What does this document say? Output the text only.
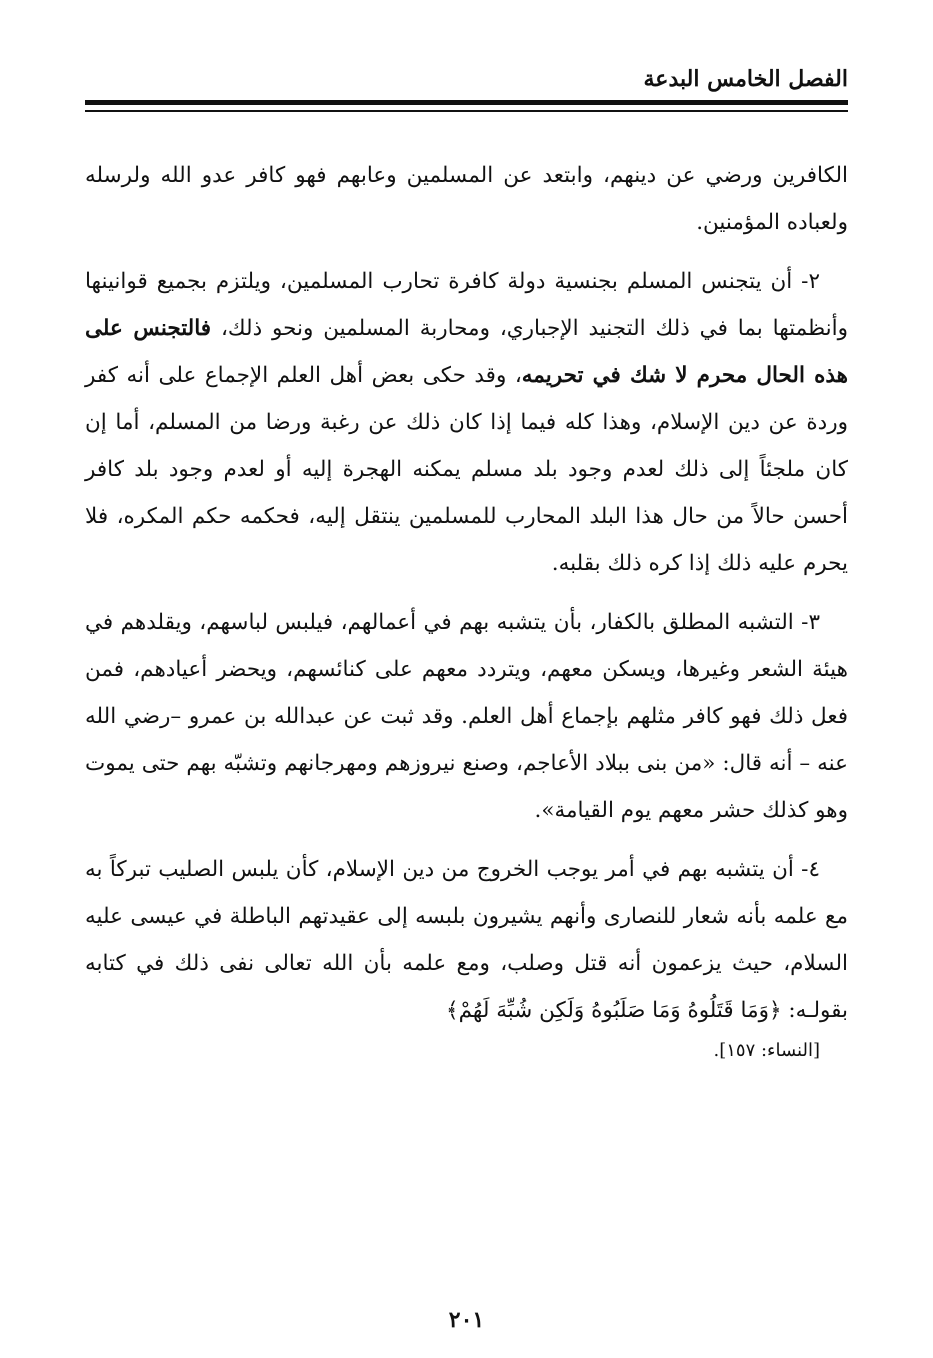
الفصل الخامس البدعة

الكافرين ورضي عن دينهم، وابتعد عن المسلمين وعابهم فهو كافر عدو الله ولرسله ولعباده المؤمنين.

٢- أن يتجنس المسلم بجنسية دولة كافرة تحارب المسلمين، ويلتزم بجميع قوانينها وأنظمتها بما في ذلك التجنيد الإجباري، ومحاربة المسلمين ونحو ذلك، فالتجنس على هذه الحال محرم لا شك في تحريمه، وقد حكى بعض أهل العلم الإجماع على أنه كفر وردة عن دين الإسلام، وهذا كله فيما إذا كان ذلك عن رغبة ورضا من المسلم، أما إن كان ملجئاً إلى ذلك لعدم وجود بلد مسلم يمكنه الهجرة إليه أو لعدم وجود بلد كافر أحسن حالاً من حال هذا البلد المحارب للمسلمين ينتقل إليه، فحكمه حكم المكره، فلا يحرم عليه ذلك إذا كره ذلك بقلبه.

٣- التشبه المطلق بالكفار، بأن يتشبه بهم في أعمالهم، فيلبس لباسهم، ويقلدهم في هيئة الشعر وغيرها، ويسكن معهم، ويتردد معهم على كنائسهم، ويحضر أعيادهم، فمن فعل ذلك فهو كافر مثلهم بإجماع أهل العلم. وقد ثبت عن عبدالله بن عمرو –رضي الله عنه – أنه قال: «من بنى ببلاد الأعاجم، وصنع نيروزهم ومهرجانهم وتشبّه بهم حتى يموت وهو كذلك حشر معهم يوم القيامة».

٤- أن يتشبه بهم في أمر يوجب الخروج من دين الإسلام، كأن يلبس الصليب تبركاً به مع علمه بأنه شعار للنصارى وأنهم يشيرون بلبسه إلى عقيدتهم الباطلة في عيسى عليه السلام، حيث يزعمون أنه قتل وصلب، ومع علمه بأن الله تعالى نفى ذلك في كتابه بقولـه: ﴿وَمَا قَتَلُوهُ وَمَا صَلَبُوهُ وَلَكِن شُبِّهَ لَهُمْ﴾
[النساء: ١٥٧].

٢٠١
